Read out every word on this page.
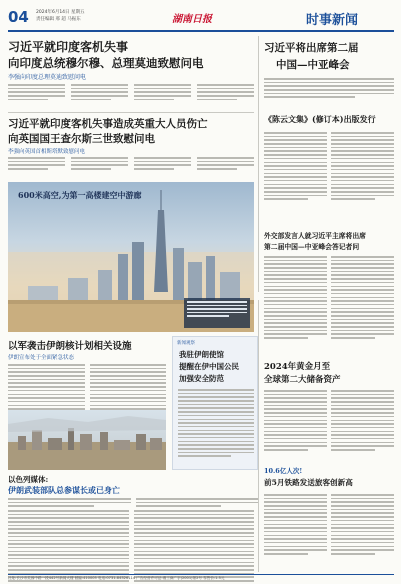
04 2024年6月14日 星期五
责任编辑 邢 超 马振东	湖南日报	时事新闻
习近平就印度客机失事
向印度总统穆尔穆、总理莫迪致慰问电
李强向印度总理莫迪致慰问电
习近平将出席第二届
中国—中亚峰会
习近平就印度客机失事造成英重大人员伤亡
向英国国王查尔斯三世致慰问电
李强向英国首相斯塔默致慰问电
《陈云文集》(修订本)出版发行
600米高空,为第一高楼建空中游廊
外交部发言人就习近平主席将出席
第二届中国—中亚峰会答记者问
以军袭击伊朗核计划相关设施
伊朗宣布处于全面紧急状态
新闻观察
我驻伊朗使馆
提醒在伊中国公民
加强安全防范
以色列媒体:
伊朗武装部队总参谋长或已身亡
2024年黄金月至
全球第二大储备资产
10.6亿人次!
前5月铁路发送旅客创新高
社址:长沙市芙蓉中路一段442号新闻大楼 邮编:410005 电话:0731-84326114 广告经营许可证:湘工商广字(2001)第2号 零售价:1.5元
